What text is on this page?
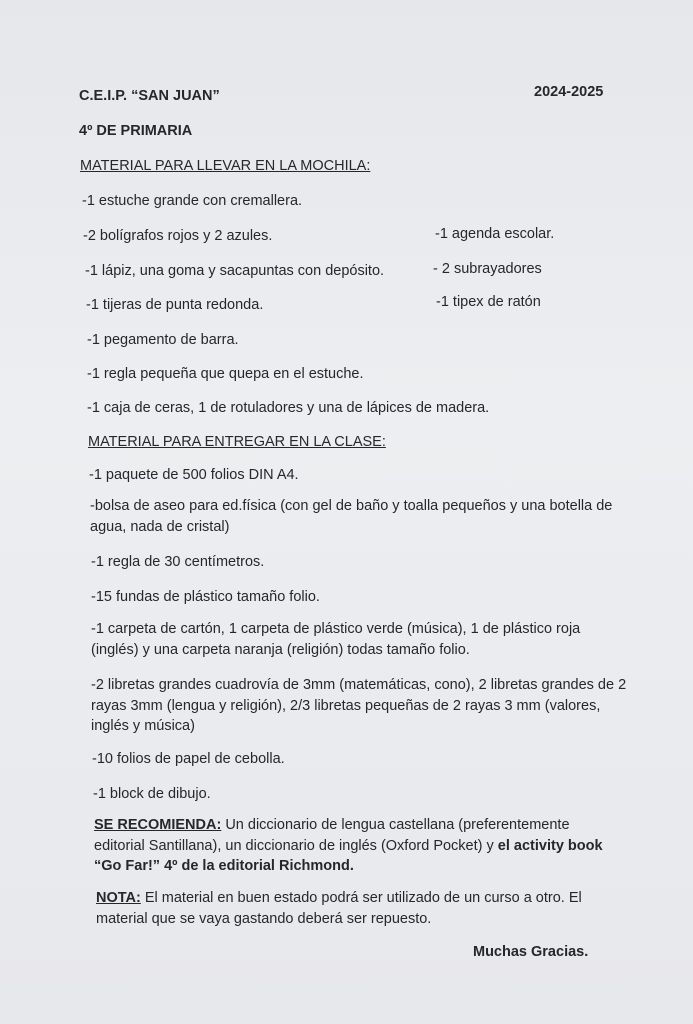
C.E.I.P. “SAN JUAN”	2024-2025
4º DE PRIMARIA
MATERIAL PARA LLEVAR EN LA MOCHILA:
-1 estuche grande con cremallera.
-2 bolígrafos rojos y 2 azules.
-1 lápiz, una goma y sacapuntas con depósito.
-1 tijeras de punta redonda.
-1 pegamento de barra.
-1 regla pequeña que quepa en el estuche.
-1 caja de ceras, 1 de rotuladores y una de lápices de madera.
-1 agenda escolar.
- 2 subrayadores
-1 tipex de ratón
MATERIAL PARA ENTREGAR EN LA CLASE:
-1 paquete de 500 folios DIN A4.
-bolsa de aseo para ed.física (con gel de baño y toalla pequeños y una botella de agua, nada de cristal)
-1 regla de 30 centímetros.
-15 fundas de plástico tamaño folio.
-1 carpeta de cartón, 1 carpeta de plástico verde (música), 1 de plástico roja (inglés) y una carpeta naranja (religión) todas tamaño folio.
-2 libretas grandes cuadrovía de 3mm (matemáticas, cono), 2 libretas grandes de 2 rayas 3mm (lengua y religión), 2/3 libretas pequeñas de 2 rayas 3 mm (valores, inglés y música)
-10 folios de papel de cebolla.
-1 block de dibujo.
SE RECOMIENDA: Un diccionario de lengua castellana (preferentemente editorial Santillana), un diccionario de inglés (Oxford Pocket) y el activity book “Go Far!” 4º de la editorial Richmond.
NOTA: El material en buen estado podrá ser utilizado de un curso a otro. El material que se vaya gastando deberá ser repuesto.
Muchas Gracias.
